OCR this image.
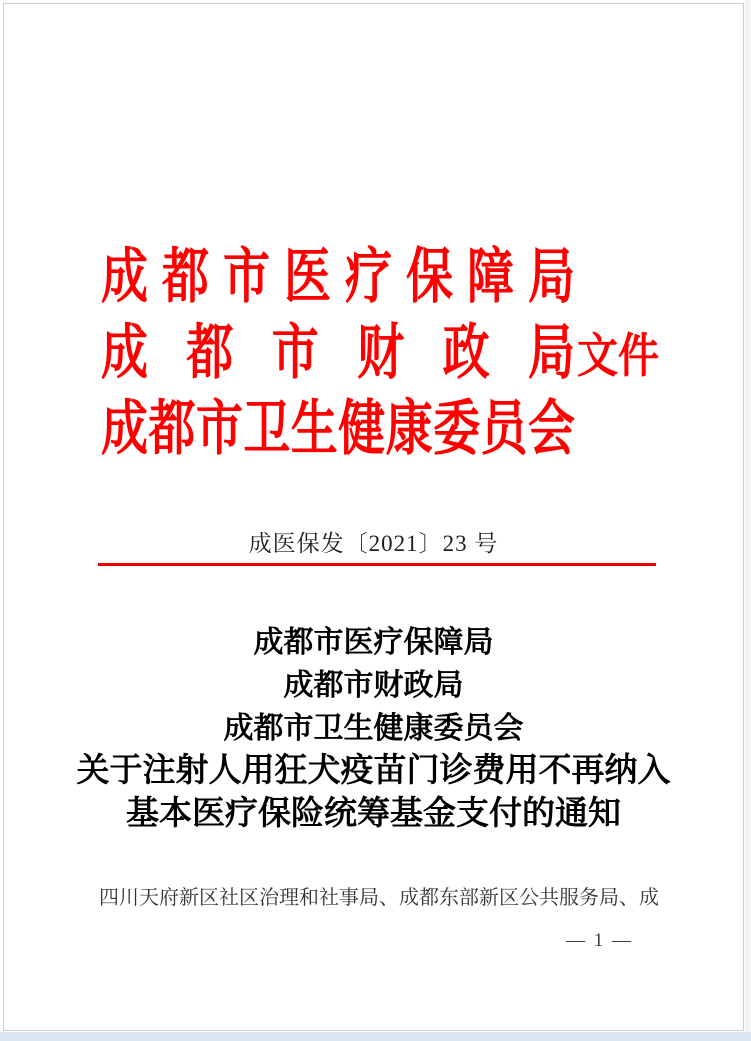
成 都 市 医 疗 保 障 局
成 都 市 财 政 局
成 都 市 卫 生 健 康 委 员 会
文件
成医保发〔2021〕23 号
成都市医疗保障局
成都市财政局
成都市卫生健康委员会
关于注射人用狂犬疫苗门诊费用不再纳入
基本医疗保险统筹基金支付的通知
四 川 天 府 新 区 社 区 治 理 和 社 事 局 、 成 都 东 部 新 区 公 共 服 务 局 、 成
— 1 —
